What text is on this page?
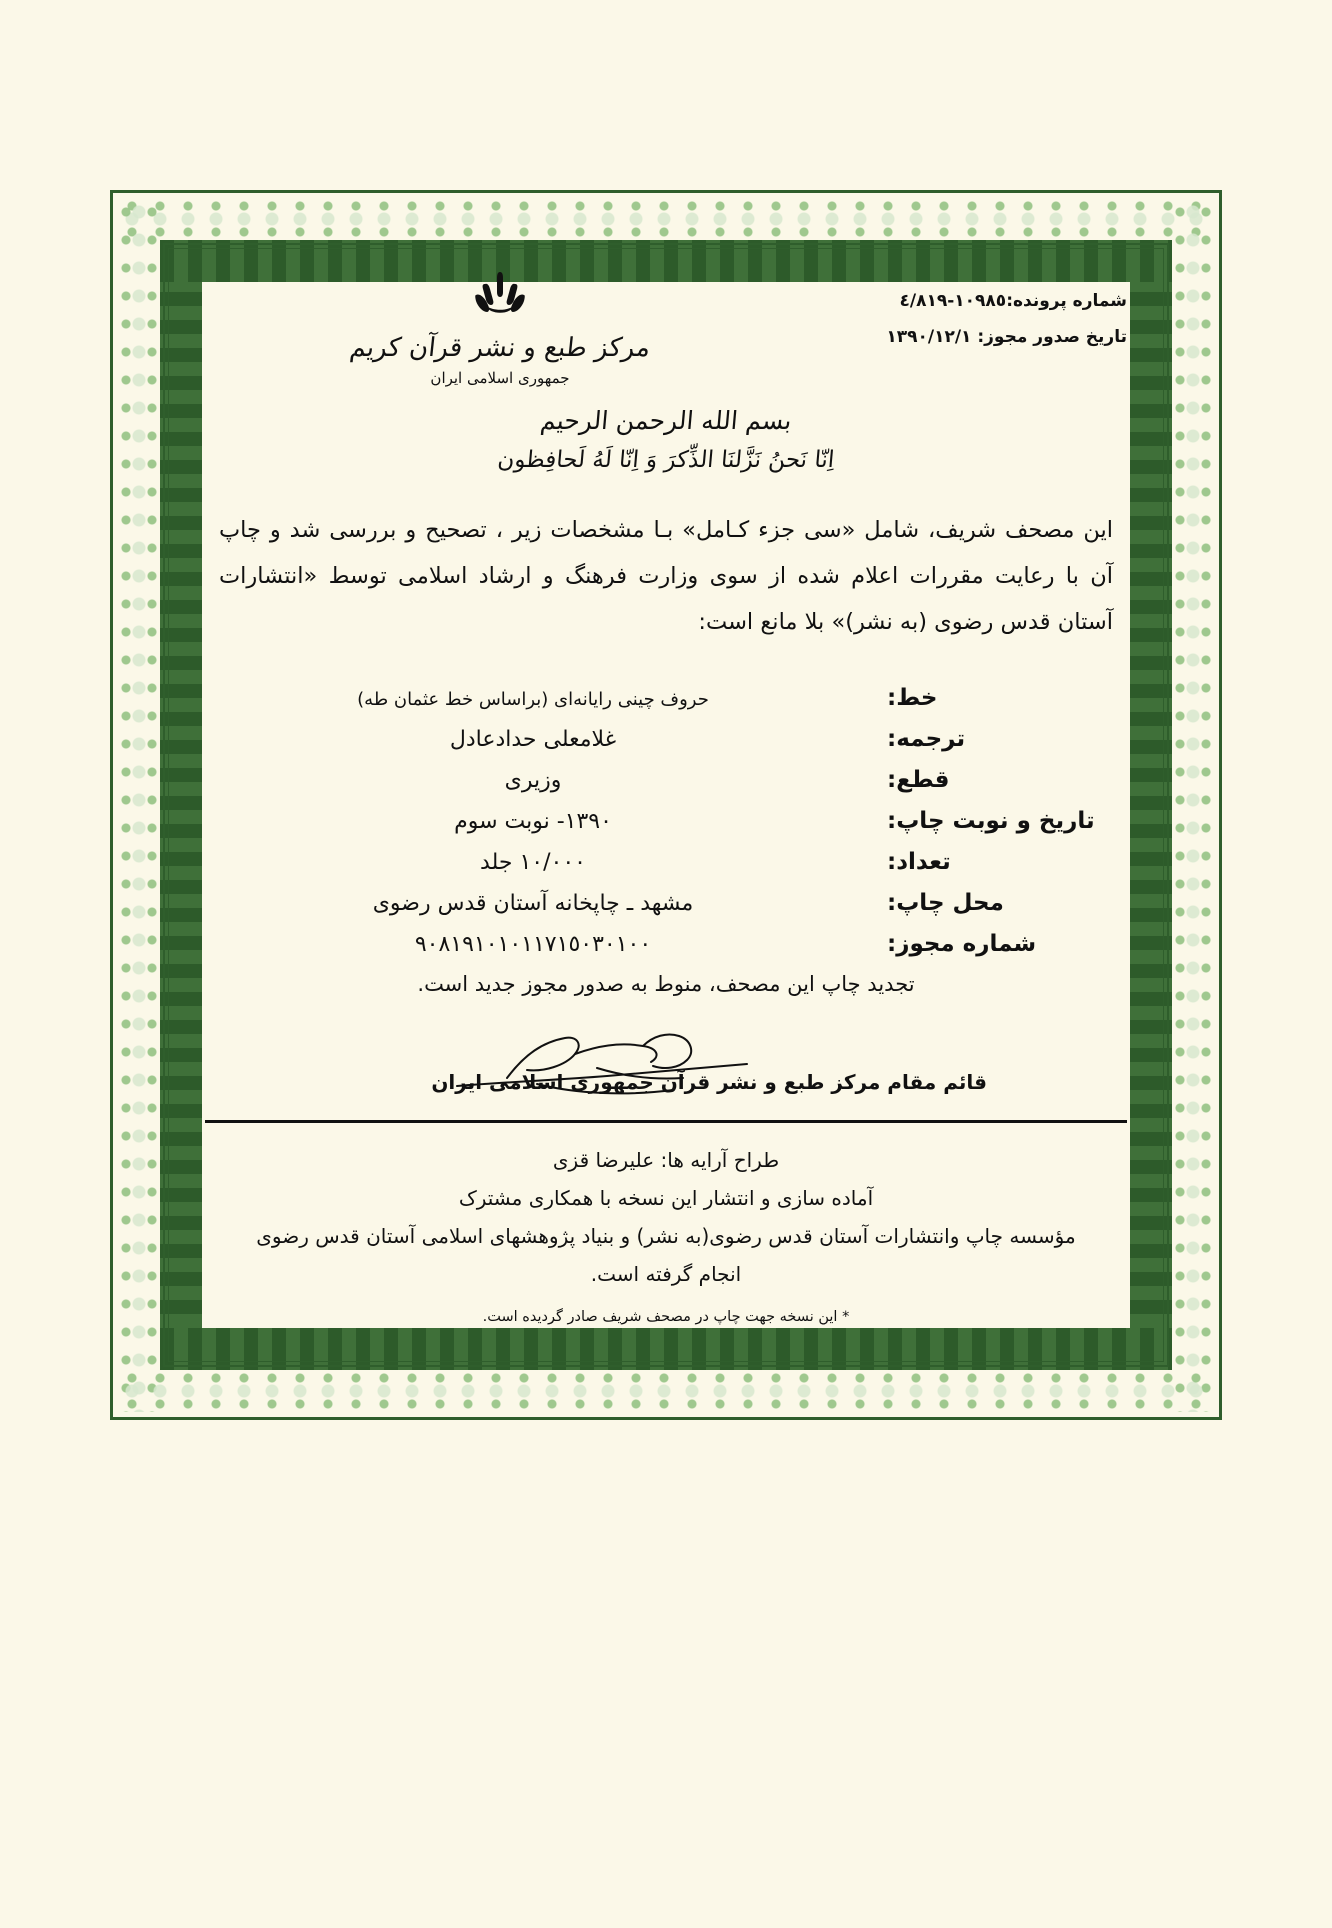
شماره پرونده:١٠٩٨٥-٤/٨١٩
تاریخ صدور مجوز: ١٣٩٠/١٢/١
مرکز طبع و نشر قرآن کریم
جمهوری اسلامی ایران
بسم الله الرحمن الرحیم
اِنّا نَحنُ نَزَّلنَا الذِّکرَ وَ اِنّا لَهُ لَحافِظون
این مصحف شریف، شامل «سی جزء کـامل» بـا مشخصات زیر ، تصحیح و بررسی شد و چاپ آن با رعایت مقررات اعلام شده از سوی وزارت فرهنگ و ارشاد اسلامی توسط «انتشارات آستان قدس رضوی (به نشر)» بلا مانع است:
خط:
حروف چینی رایانه‌ای (براساس خط عثمان طه)
ترجمه:
غلامعلی حدادعادل
قطع:
وزیری
تاریخ و نوبت چاپ:
١٣٩٠- نوبت سوم
تعداد:
١٠/٠٠٠ جلد
محل چاپ:
مشهد ـ چاپخانه آستان قدس رضوی
شماره مجوز:
٩٠٨١٩١٠١٠١١٧١٥٠٣٠١٠٠
تجدید چاپ این مصحف، منوط به صدور مجوز جدید است.
قائم مقام مرکز طبع و نشر قرآن جمهوری اسلامی ایران
طراح آرایه ها: علیرضا قزی
آماده سازی و انتشار این نسخه با همکاری مشترک
مؤسسه چاپ وانتشارات آستان قدس رضوی(به نشر) و بنیاد پژوهشهای اسلامی آستان قدس رضوی
انجام گرفته است.
* این نسخه جهت چاپ در مصحف شریف صادر گردیده است.
